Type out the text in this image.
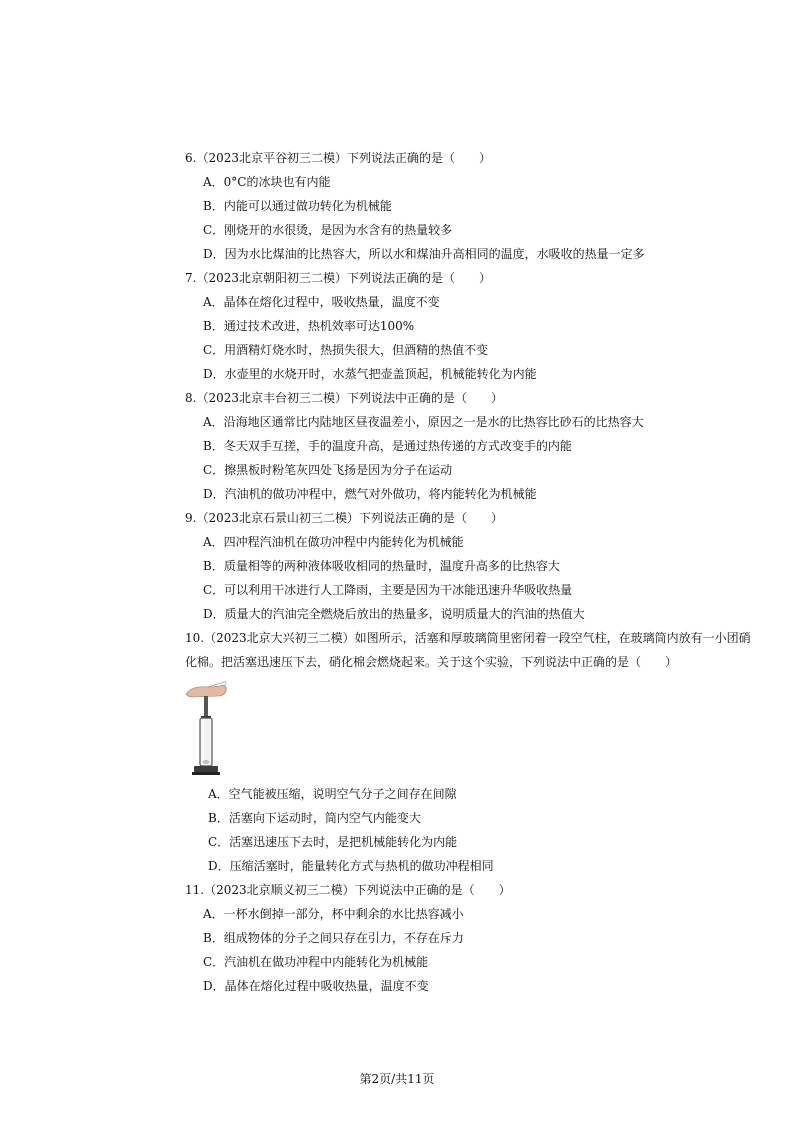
6.（2023北京平谷初三二模）下列说法正确的是（　　）
A．0°C的冰块也有内能
B．内能可以通过做功转化为机械能
C．刚烧开的水很烫，是因为水含有的热量较多
D．因为水比煤油的比热容大，所以水和煤油升高相同的温度，水吸收的热量一定多
7.（2023北京朝阳初三二模）下列说法正确的是（　　）
A．晶体在熔化过程中，吸收热量，温度不变
B．通过技术改进，热机效率可达100%
C．用酒精灯烧水时，热损失很大，但酒精的热值不变
D．水壶里的水烧开时，水蒸气把壶盖顶起，机械能转化为内能
8.（2023北京丰台初三二模）下列说法中正确的是（　　）
A．沿海地区通常比内陆地区昼夜温差小，原因之一是水的比热容比砂石的比热容大
B．冬天双手互搓，手的温度升高，是通过热传递的方式改变手的内能
C．擦黑板时粉笔灰四处飞扬是因为分子在运动
D．汽油机的做功冲程中，燃气对外做功，将内能转化为机械能
9.（2023北京石景山初三二模）下列说法正确的是（　　）
A．四冲程汽油机在做功冲程中内能转化为机械能
B．质量相等的两种液体吸收相同的热量时，温度升高多的比热容大
C．可以利用干冰进行人工降雨，主要是因为干冰能迅速升华吸收热量
D．质量大的汽油完全燃烧后放出的热量多，说明质量大的汽油的热值大
10.（2023北京大兴初三二模）如图所示，活塞和厚玻璃筒里密闭着一段空气柱，在玻璃筒内放有一小团硝化棉。把活塞迅速压下去，硝化棉会燃烧起来。关于这个实验，下列说法中正确的是（　　）
A．空气能被压缩，说明空气分子之间存在间隙
B．活塞向下运动时，筒内空气内能变大
C．活塞迅速压下去时，是把机械能转化为内能
D．压缩活塞时，能量转化方式与热机的做功冲程相同
11.（2023北京顺义初三二模）下列说法中正确的是（　　）
A．一杯水倒掉一部分，杯中剩余的水比热容减小
B．组成物体的分子之间只存在引力，不存在斥力
C．汽油机在做功冲程中内能转化为机械能
D．晶体在熔化过程中吸收热量，温度不变
第2页/共11页
